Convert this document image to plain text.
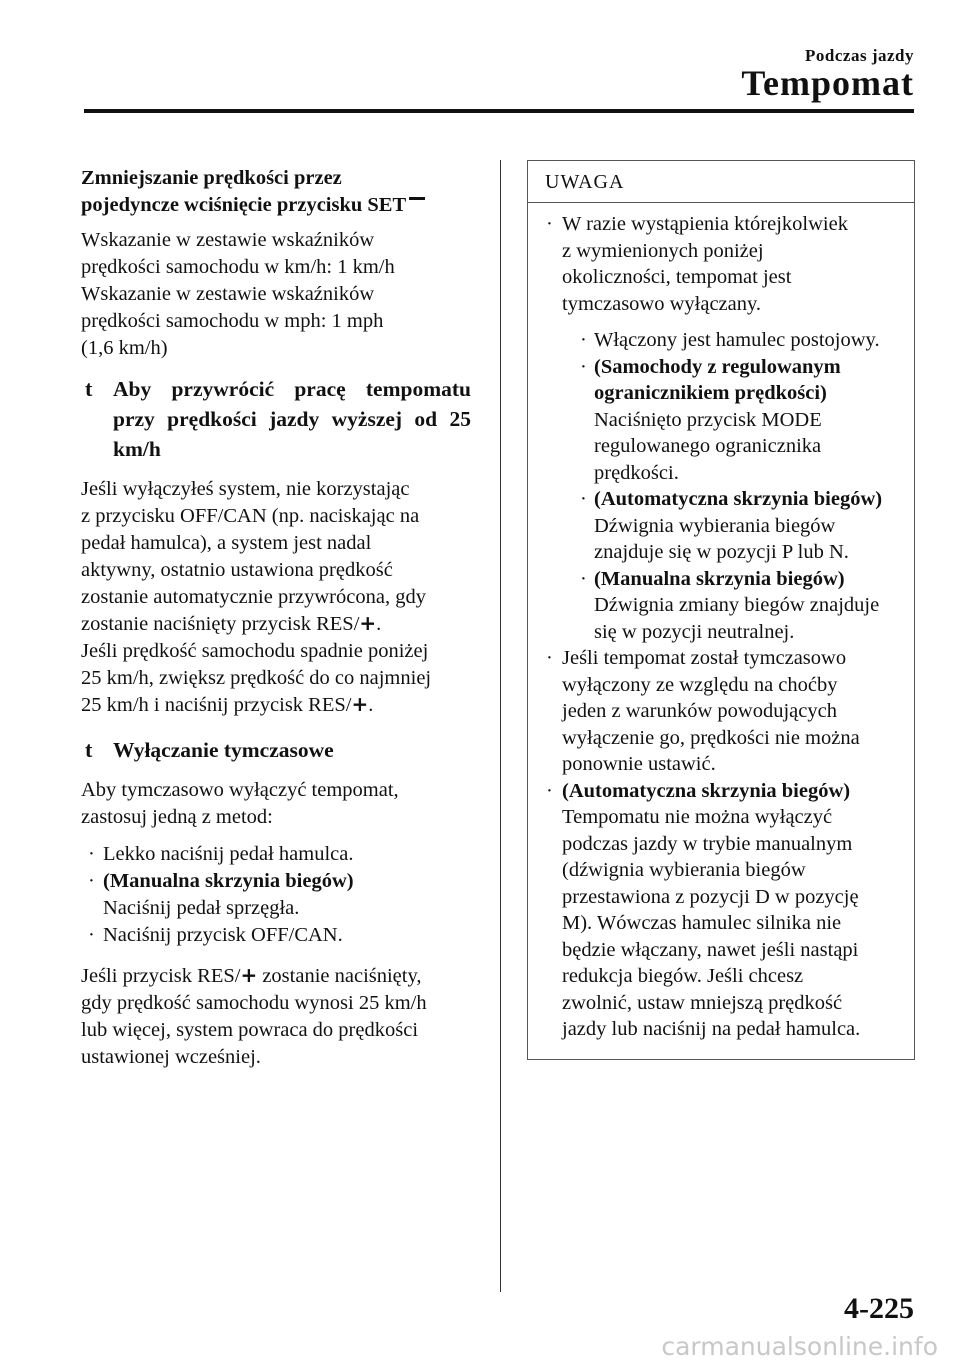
Podczas jazdy
Tempomat

Zmniejszanie prędkości przez
pojedyncze wciśnięcie przycisku SET

Wskazanie w zestawie wskaźników
prędkości samochodu w km/h: 1 km/h
Wskazanie w zestawie wskaźników
prędkości samochodu w mph: 1 mph
(1,6 km/h)

t Aby przywrócić pracę tempomatu przy prędkości jazdy wyższej od 25 km/h

Jeśli wyłączyłeś system, nie korzystając
z przycisku OFF/CAN (np. naciskając na
pedał hamulca), a system jest nadal
aktywny, ostatnio ustawiona prędkość
zostanie automatycznie przywrócona, gdy
zostanie naciśnięty przycisk RES/+.
Jeśli prędkość samochodu spadnie poniżej
25 km/h, zwiększ prędkość do co najmniej
25 km/h i naciśnij przycisk RES/+.

t Wyłączanie tymczasowe

Aby tymczasowo wyłączyć tempomat,
zastosuj jedną z metod:

· Lekko naciśnij pedał hamulca.

· (Manualna skrzynia biegów)
Naciśnij pedał sprzęgła.

· Naciśnij przycisk OFF/CAN.

Jeśli przycisk RES/+ zostanie naciśnięty,
gdy prędkość samochodu wynosi 25 km/h
lub więcej, system powraca do prędkości
ustawionej wcześniej.

UWAGA

· W razie wystąpienia którejkolwiek
z wymienionych poniżej
okoliczności, tempomat jest
tymczasowo wyłączany.

· Włączony jest hamulec postojowy.

· (Samochody z regulowanym
ogranicznikiem prędkości)
Naciśnięto przycisk MODE
regulowanego ogranicznika
prędkości.

· (Automatyczna skrzynia biegów)
Dźwignia wybierania biegów
znajduje się w pozycji P lub N.

· (Manualna skrzynia biegów)
Dźwignia zmiany biegów znajduje
się w pozycji neutralnej.

· Jeśli tempomat został tymczasowo
wyłączony ze względu na choćby
jeden z warunków powodujących
wyłączenie go, prędkości nie można
ponownie ustawić.

· (Automatyczna skrzynia biegów)
Tempomatu nie można wyłączyć
podczas jazdy w trybie manualnym
(dźwignia wybierania biegów
przestawiona z pozycji D w pozycję
M). Wówczas hamulec silnika nie
będzie włączany, nawet jeśli nastąpi
redukcja biegów. Jeśli chcesz
zwolnić, ustaw mniejszą prędkość
jazdy lub naciśnij na pedał hamulca.

4-225
carmanualsonline.info
